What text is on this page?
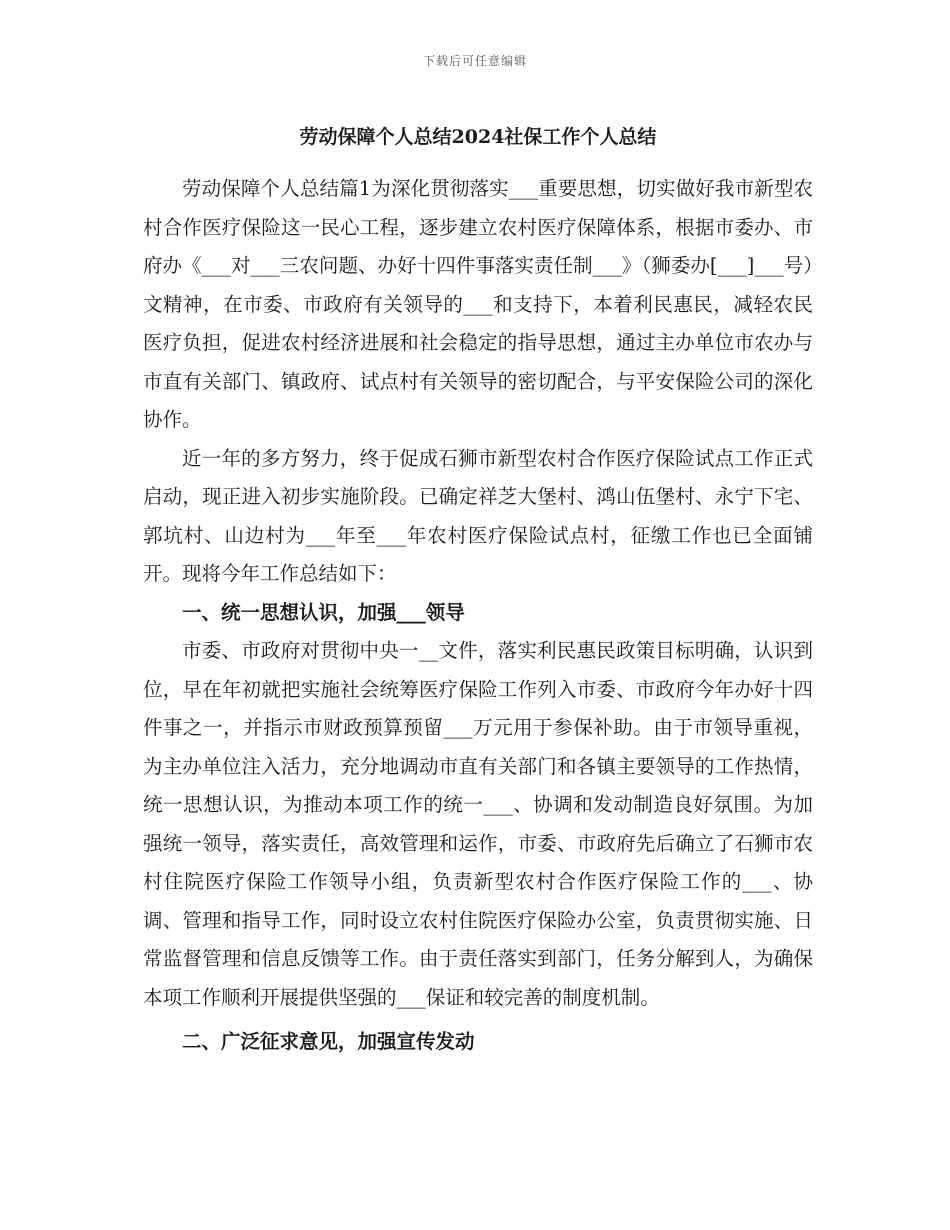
下载后可任意编辑
劳动保障个人总结2024社保工作个人总结

劳动保障个人总结篇1为深化贯彻落实___重要思想，切实做好我市新型农村合作医疗保险这一民心工程，逐步建立农村医疗保障体系，根据市委办、市府办《___对___三农问题、办好十四件事落实责任制___》（狮委办[___]___号）文精神，在市委、市政府有关领导的___和支持下，本着利民惠民，减轻农民医疗负担，促进农村经济进展和社会稳定的指导思想，通过主办单位市农办与市直有关部门、镇政府、试点村有关领导的密切配合，与平安保险公司的深化协作。

近一年的多方努力，终于促成石狮市新型农村合作医疗保险试点工作正式启动，现正进入初步实施阶段。已确定祥芝大堡村、鸿山伍堡村、永宁下宅、郭坑村、山边村为___年至___年农村医疗保险试点村，征缴工作也已全面铺开。现将今年工作总结如下：

一、统一思想认识，加强___领导

市委、市政府对贯彻中央一__文件，落实利民惠民政策目标明确，认识到位，早在年初就把实施社会统筹医疗保险工作列入市委、市政府今年办好十四件事之一，并指示市财政预算预留___万元用于参保补助。由于市领导重视，为主办单位注入活力，充分地调动市直有关部门和各镇主要领导的工作热情，统一思想认识，为推动本项工作的统一___、协调和发动制造良好氛围。为加强统一领导，落实责任，高效管理和运作，市委、市政府先后确立了石狮市农村住院医疗保险工作领导小组，负责新型农村合作医疗保险工作的___、协调、管理和指导工作，同时设立农村住院医疗保险办公室，负责贯彻实施、日常监督管理和信息反馈等工作。由于责任落实到部门，任务分解到人，为确保本项工作顺利开展提供坚强的___保证和较完善的制度机制。

二、广泛征求意见，加强宣传发动
